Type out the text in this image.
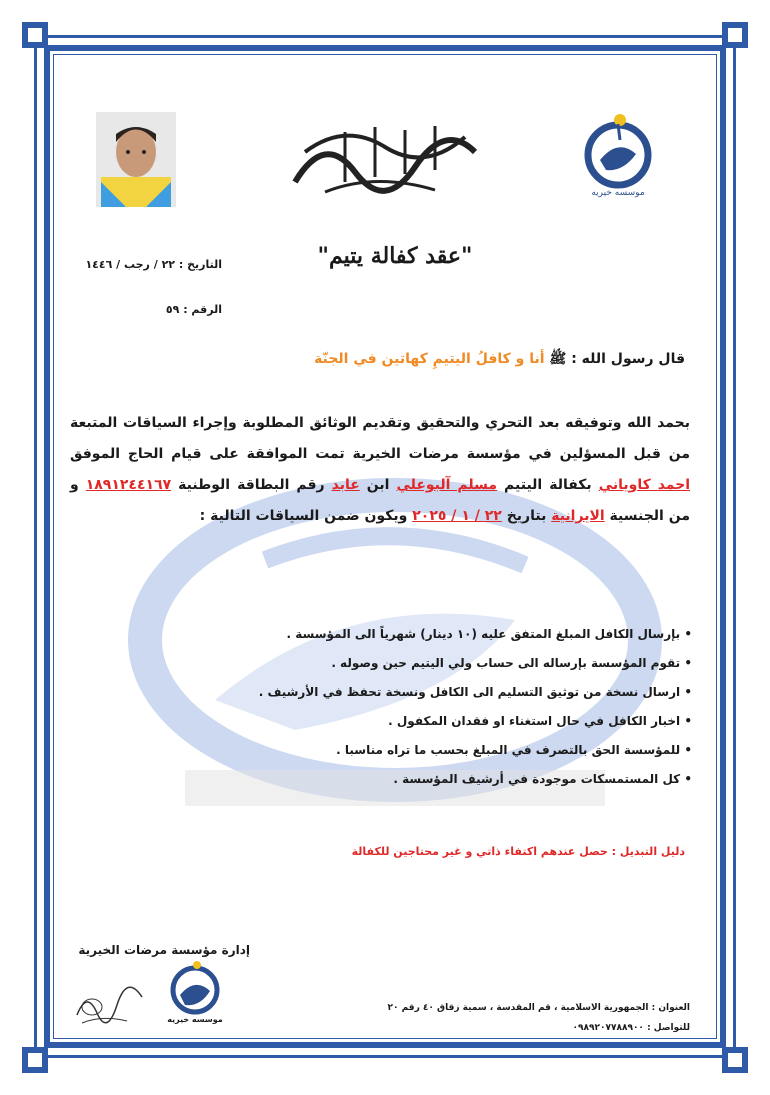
موسسه خیریه
"عقد كفالة يتيم"
التاريخ : ٢٢ / رجب / ١٤٤٦
الرقم : ٥٩
قال رسول الله : ﷺ أنا و كافلُ اليتيمِ كهاتين في الجنّة
بحمد الله وتوفيقه بعد التحري والتحقيق وتقديم الوثائق المطلوبة وإجراء السياقات المتبعة من قبل المسؤلين في مؤسسة مرضات الخيرية تمت الموافقة على قيام الحاج الموفق احمد كاوياني بكفالة اليتيم مسلم آلبوعلي ابن عابد رقم البطاقة الوطنية ١٨٩١٢٤٤١٦٧ و من الجنسية الايرانية بتاريخ ٢٢ / ١ / ٢٠٢٥ ويكون ضمن السياقات التالية :
• بإرسال الكافل المبلغ المتفق عليه (١٠ دينار) شهرياً الى المؤسسة .
• تقوم المؤسسة بإرساله الى حساب ولي اليتيم حين وصوله .
• ارسال نسخة من توثيق التسليم الى الكافل ونسخة تحفظ في الأرشيف .
• اخبار الكافل في حال استغناء او فقدان المكفول .
• للمؤسسة الحق بالتصرف في المبلغ بحسب ما تراه مناسبا .
• كل المستمسكات موجودة في أرشيف المؤسسة .
دليل التبديل : حصل عندهم اكتفاء ذاتي و غير محتاجين للكفالة
إدارة مؤسسة مرضات الخيرية
موسسه خیریه
العنوان : الجمهورية الاسلامية ، قم المقدسة ، سمية زقاق ٤٠ رقم ٢٠
للتواصل : ٠٩٨٩٢٠٧٧٨٨٩٠٠
